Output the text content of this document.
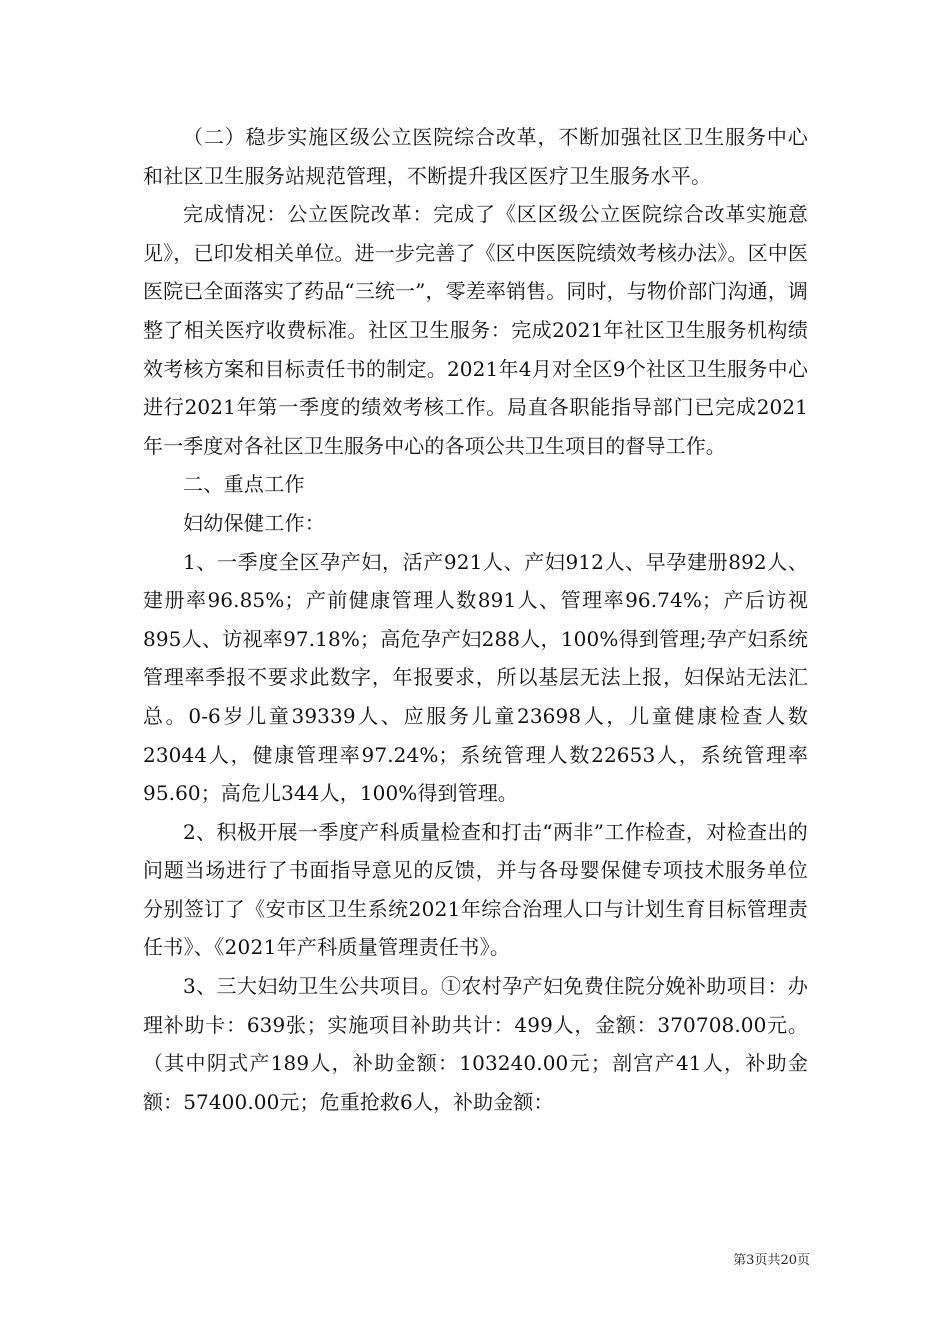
（二）稳步实施区级公立医院综合改革，不断加强社区卫生服务中心和社区卫生服务站规范管理，不断提升我区医疗卫生服务水平。

完成情况：公立医院改革：完成了《区区级公立医院综合改革实施意见》，已印发相关单位。进一步完善了《区中医医院绩效考核办法》。区中医医院已全面落实了药品“三统一”，零差率销售。同时，与物价部门沟通，调整了相关医疗收费标准。社区卫生服务：完成2021年社区卫生服务机构绩效考核方案和目标责任书的制定。2021年4月对全区9个社区卫生服务中心进行2021年第一季度的绩效考核工作。局直各职能指导部门已完成2021年一季度对各社区卫生服务中心的各项公共卫生项目的督导工作。

二、重点工作

妇幼保健工作：

1、一季度全区孕产妇，活产921人、产妇912人、早孕建册892人、建册率96.85%；产前健康管理人数891人、管理率96.74%；产后访视895人、访视率97.18%；高危孕产妇288人，100%得到管理;孕产妇系统管理率季报不要求此数字，年报要求，所以基层无法上报，妇保站无法汇总。0-6岁儿童39339人、应服务儿童23698人，儿童健康检查人数23044人，健康管理率97.24%；系统管理人数22653人，系统管理率95.60；高危儿344人，100%得到管理。

2、积极开展一季度产科质量检查和打击“两非”工作检查，对检查出的问题当场进行了书面指导意见的反馈，并与各母婴保健专项技术服务单位分别签订了《安市区卫生系统2021年综合治理人口与计划生育目标管理责任书》、《2021年产科质量管理责任书》。

3、三大妇幼卫生公共项目。①农村孕产妇免费住院分娩补助项目：办理补助卡：639张；实施项目补助共计：499人，金额：370708.00元。（其中阴式产189人，补助金额：103240.00元；剖宫产41人，补助金额：57400.00元；危重抢救6人，补助金额：

第3页共20页
